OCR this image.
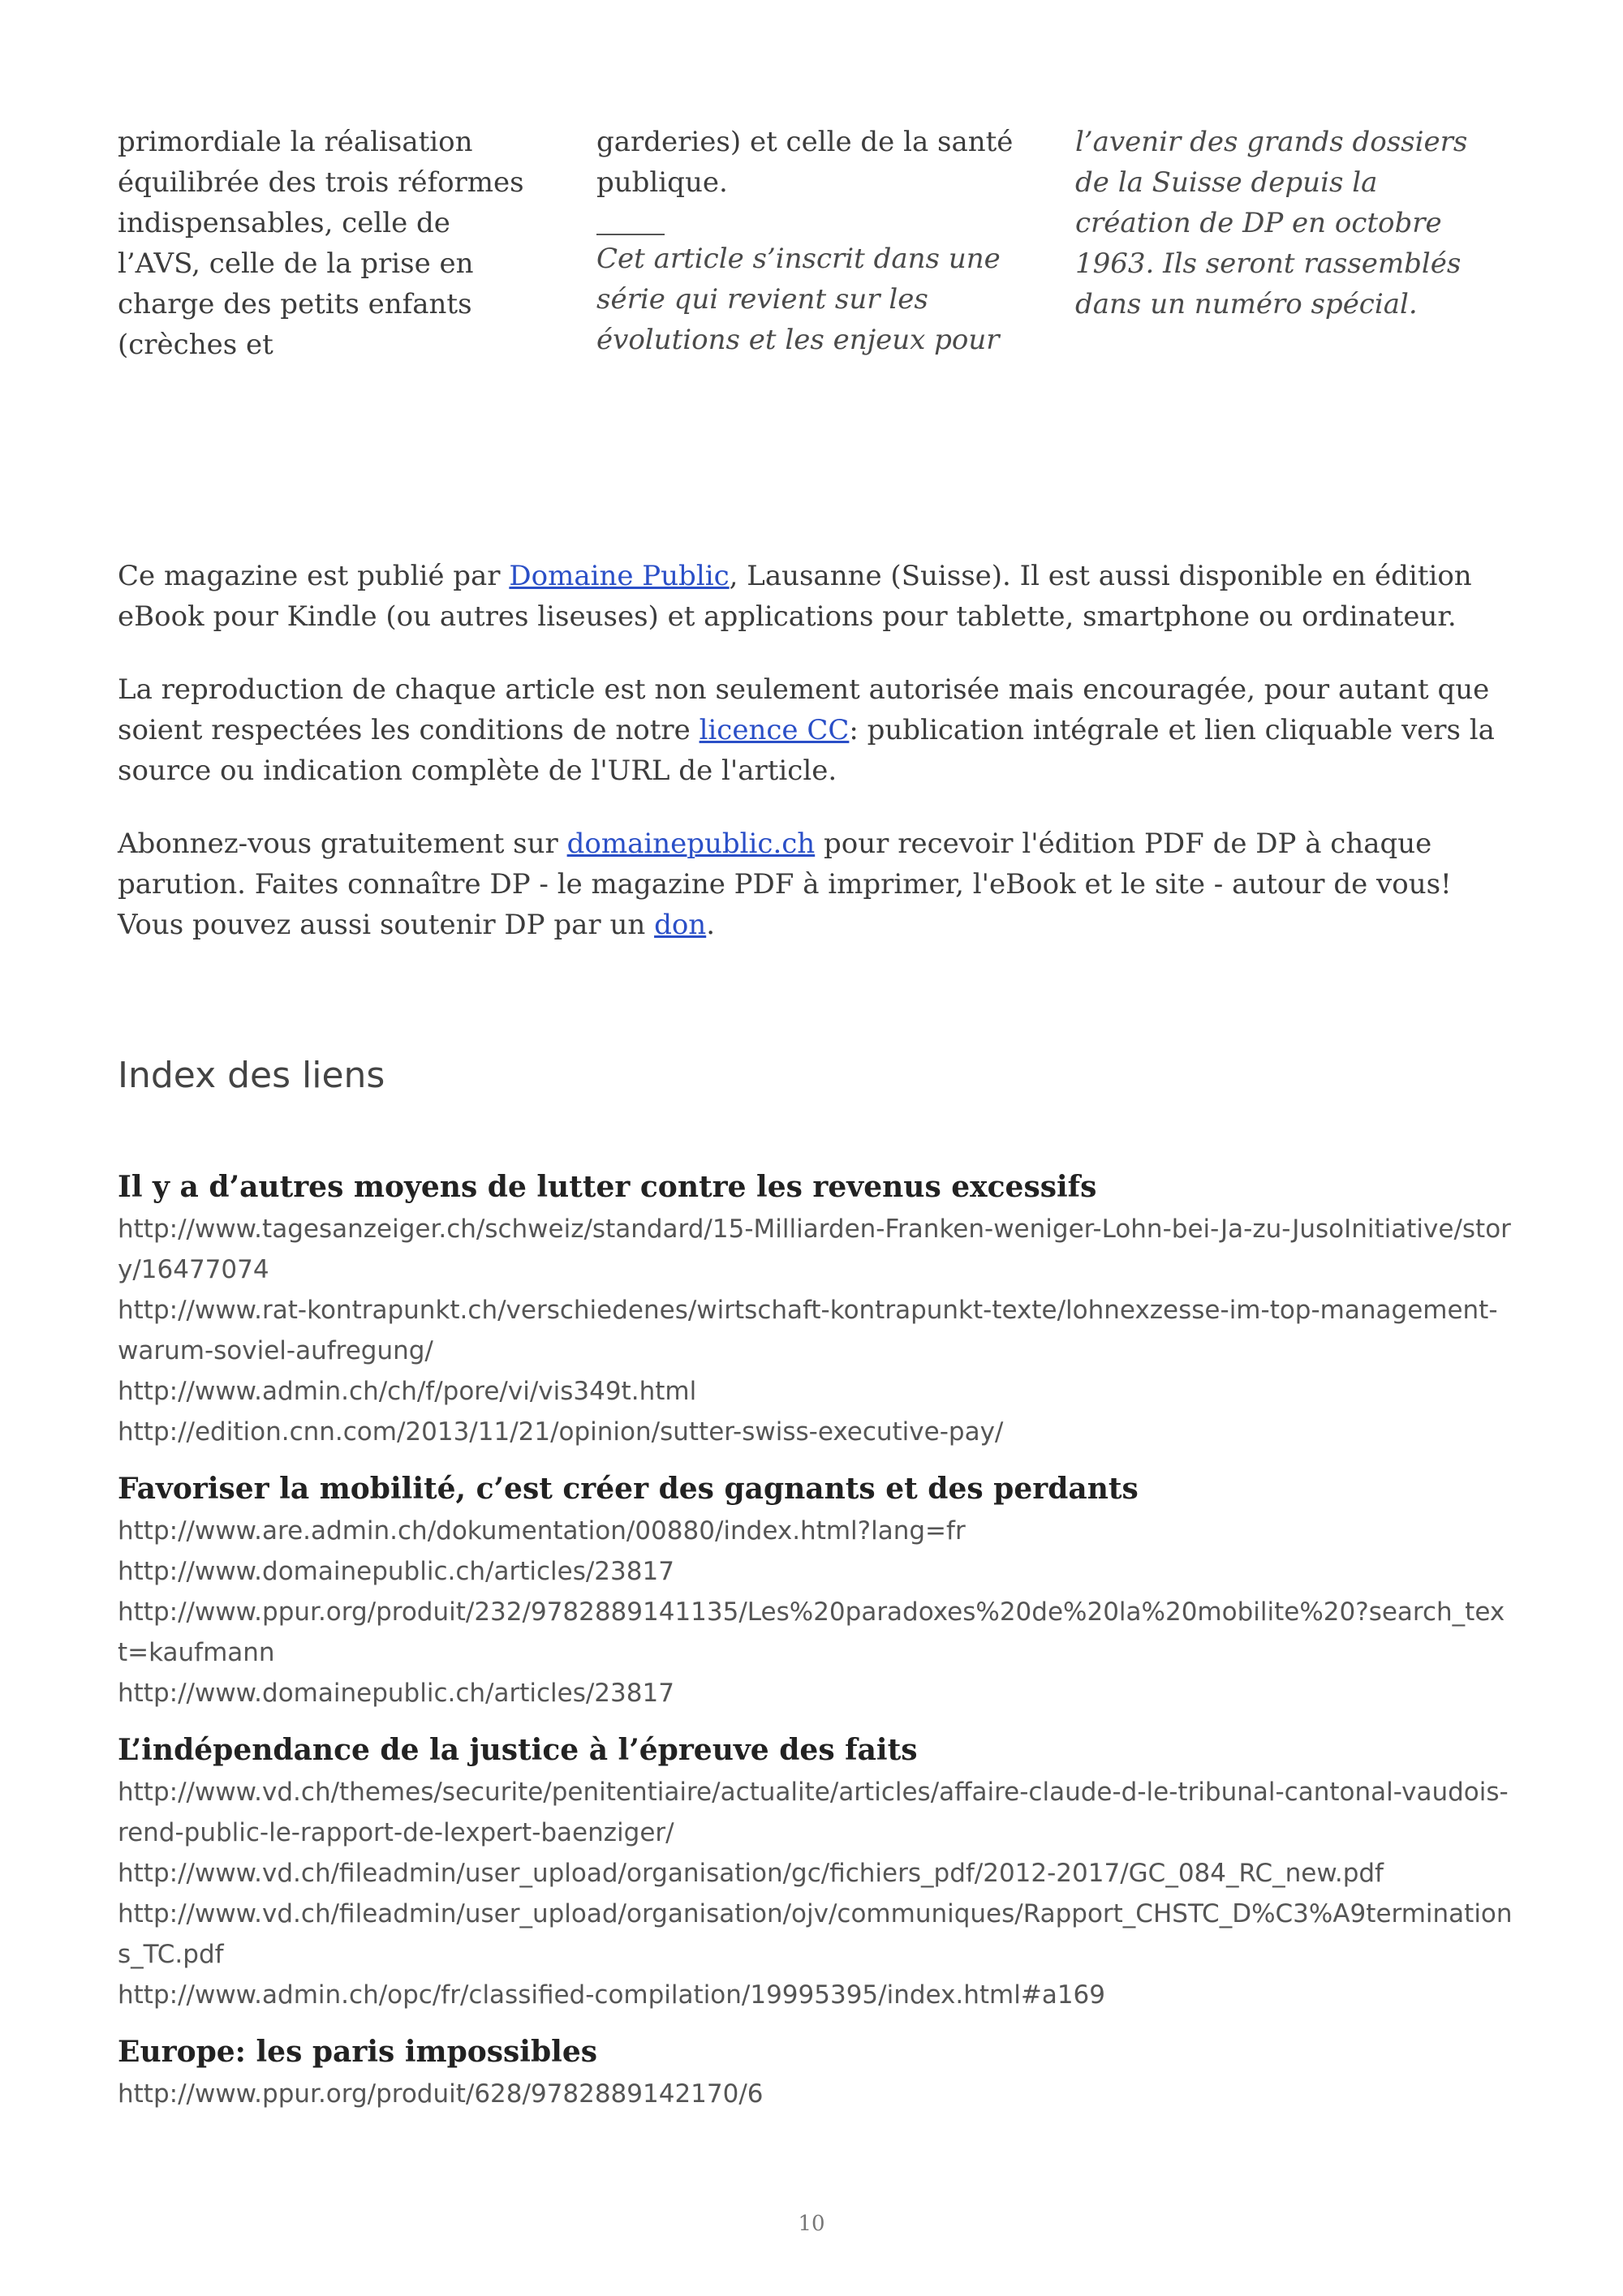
primordiale la réalisation équilibrée des trois réformes indispensables, celle de l’AVS, celle de la prise en charge des petits enfants (crèches et

garderies) et celle de la santé publique.

Cet article s’inscrit dans une série qui revient sur les évolutions et les enjeux pour

l’avenir des grands dossiers de la Suisse depuis la création de DP en octobre 1963. Ils seront rassemblés dans un numéro spécial.

Ce magazine est publié par Domaine Public, Lausanne (Suisse). Il est aussi disponible en édition eBook pour Kindle (ou autres liseuses) et applications pour tablette, smartphone ou ordinateur.

La reproduction de chaque article est non seulement autorisée mais encouragée, pour autant que soient respectées les conditions de notre licence CC: publication intégrale et lien cliquable vers la source ou indication complète de l'URL de l'article.

Abonnez-vous gratuitement sur domainepublic.ch pour recevoir l'édition PDF de DP à chaque parution. Faites connaître DP - le magazine PDF à imprimer, l'eBook et le site - autour de vous! Vous pouvez aussi soutenir DP par un don.

Index des liens

Il y a d’autres moyens de lutter contre les revenus excessifs

http://www.tagesanzeiger.ch/schweiz/standard/15-Milliarden-Franken-weniger-Lohn-bei-Ja-zu-JusoInitiative/story/16477074

http://www.rat-kontrapunkt.ch/verschiedenes/wirtschaft-kontrapunkt-texte/lohnexzesse-im-top-management-warum-soviel-aufregung/

http://www.admin.ch/ch/f/pore/vi/vis349t.html

http://edition.cnn.com/2013/11/21/opinion/sutter-swiss-executive-pay/

Favoriser la mobilité, c’est créer des gagnants et des perdants

http://www.are.admin.ch/dokumentation/00880/index.html?lang=fr

http://www.domainepublic.ch/articles/23817

http://www.ppur.org/produit/232/9782889141135/Les%20paradoxes%20de%20la%20mobilite%20?search_text=kaufmann

http://www.domainepublic.ch/articles/23817

L’indépendance de la justice à l’épreuve des faits

http://www.vd.ch/themes/securite/penitentiaire/actualite/articles/affaire-claude-d-le-tribunal-cantonal-vaudois-rend-public-le-rapport-de-lexpert-baenziger/

http://www.vd.ch/fileadmin/user_upload/organisation/gc/fichiers_pdf/2012-2017/GC_084_RC_new.pdf

http://www.vd.ch/fileadmin/user_upload/organisation/ojv/communiques/Rapport_CHSTC_D%C3%A9terminations_TC.pdf

http://www.admin.ch/opc/fr/classified-compilation/19995395/index.html#a169

Europe: les paris impossibles

http://www.ppur.org/produit/628/9782889142170/6

10
